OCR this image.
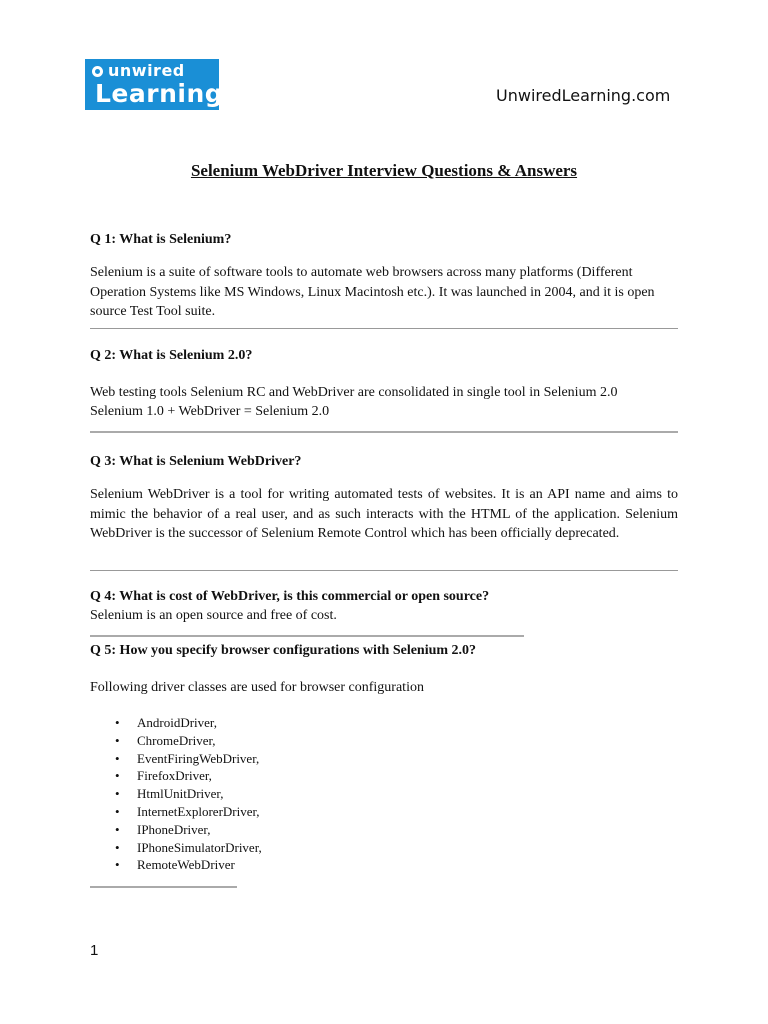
unwired
Learning	UnwiredLearning.com
Selenium WebDriver Interview Questions & Answers
Q 1: What is Selenium?
Selenium is a suite of software tools to automate web browsers across many platforms (Different Operation Systems like MS Windows, Linux Macintosh etc.). It was launched in 2004, and it is open source Test Tool suite.
Q 2: What is Selenium 2.0?
Web testing tools Selenium RC and WebDriver are consolidated in single tool in Selenium 2.0
Selenium 1.0 + WebDriver = Selenium 2.0
Q 3: What is Selenium WebDriver?
Selenium WebDriver is a tool for writing automated tests of websites. It is an API name and aims to mimic the behavior of a real user, and as such interacts with the HTML of the application. Selenium WebDriver is the successor of Selenium Remote Control which has been officially deprecated.
Q 4: What is cost of WebDriver, is this commercial or open source?
Selenium is an open source and free of cost.
Q 5: How you specify browser configurations with Selenium 2.0?
Following driver classes are used for browser configuration
• AndroidDriver,
• ChromeDriver,
• EventFiringWebDriver,
• FirefoxDriver,
• HtmlUnitDriver,
• InternetExplorerDriver,
• IPhoneDriver,
• IPhoneSimulatorDriver,
• RemoteWebDriver
1
